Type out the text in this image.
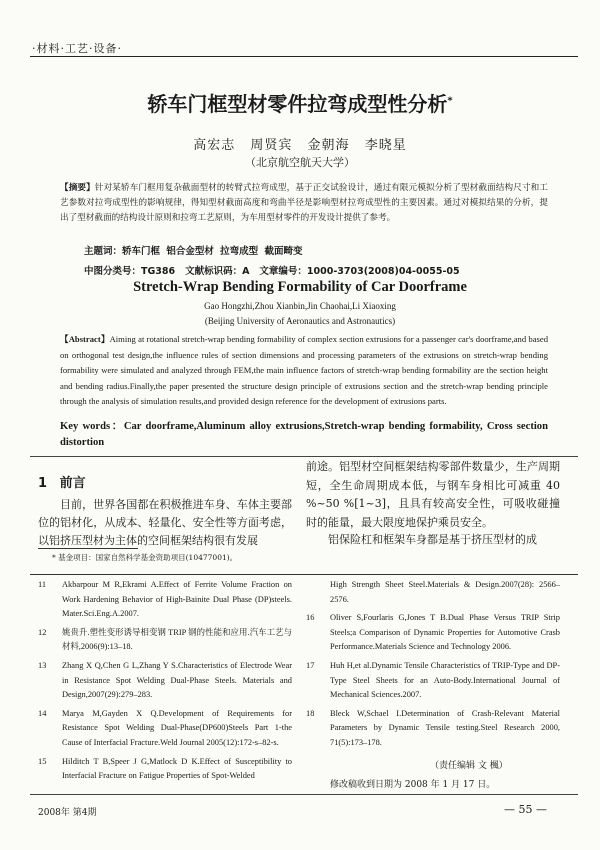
·材料·工艺·设备·
轿车门框型材零件拉弯成型性分析*
高宏志 周贤宾 金朝海 李晓星
（北京航空航天大学）
【摘要】针对某轿车门框用复杂截面型材的转臂式拉弯成型，基于正交试验设计，通过有限元模拟分析了型材截面结构尺寸和工艺参数对拉弯成型性的影响规律，得知型材截面高度和弯曲半径是影响型材拉弯成型性的主要因素。通过对模拟结果的分析，提出了型材截面的结构设计原则和拉弯工艺原则，为车用型材零件的开发设计提供了参考。
主题词：轿车门框 铝合金型材 拉弯成型 截面畸变
中图分类号：TG386 文献标识码：A 文章编号：1000-3703(2008)04-0055-05
Stretch-Wrap Bending Formability of Car Doorframe
Gao Hongzhi,Zhou Xianbin,Jin Chaohai,Li Xiaoxing
(Beijing University of Aeronautics and Astronautics)
【Abstract】Aiming at rotational stretch-wrap bending formability of complex section extrusions for a passenger car's doorframe,and based on orthogonal test design,the influence rules of section dimensions and processing parameters of the extrusions on stretch-wrap bending formability were simulated and analyzed through FEM,the main influence factors of stretch-wrap bending formability are the section height and bending radius.Finally,the paper presented the structure design principle of extrusions section and the stretch-wrap bending principle through the analysis of simulation results,and provided design reference for the development of extrusions parts.
Key words：Car doorframe,Aluminum alloy extrusions,Stretch-wrap bending formability, Cross section distortion
1 前言
目前，世界各国都在积极推进车身、车体主要部位的铝材化，从成本、轻量化、安全性等方面考虑，以铝挤压型材为主体的空间框架结构很有发展
前途。铝型材空间框架结构零部件数量少，生产周期短，全生命周期成本低，与钢车身相比可减重 40 %~50 %[1~3]，且具有较高安全性，可吸收碰撞时的能量，最大限度地保护乘员安全。
铝保险杠和框架车身都是基于挤压型材的成
* 基金项目：国家自然科学基金资助项目(10477001)。
11	Akbarpour M R,Ekrami A.Effect of Ferrite Volume Fraction on Work Hardening Behavior of High-Bainite Dual Phase (DP)steels. Mater.Sci.Eng.A.2007.
12	姚贵升.塑性变形诱导相变钢 TRIP 钢的性能和应用.汽车工艺与材料,2006(9):13–18.
13	Zhang X Q,Chen G L,Zhang Y S.Characteristics of Electrode Wear in Resistance Spot Welding Dual-Phase Steels. Materials and Design,2007(29):279–283.
14	Marya M,Gayden X Q.Development of Requirements for Resistance Spot Welding Dual-Phase(DP600)Steels Part 1-the Cause of Interfacial Fracture.Weld Journal 2005(12):172-s–82-s.
15	Hilditch T B,Speer J G,Matlock D K.Effect of Susceptibility to Interfacial Fracture on Fatigue Properties of Spot-Welded
High Strength Sheet Steel.Materials & Design.2007(28): 2566–2576.
16	Oliver S,Fourlaris G,Jones T B.Dual Phase Versus TRIP Strip Steels;a Comparison of Dynamic Properties for Automotive Crasb Performance.Materials Science and Technology 2006.
17	Huh H,et al.Dynamic Tensile Characteristics of TRIP-Type and DP-Type Steel Sheets for an Auto-Body.International Journal of Mechanical Sciences.2007.
18	Bleck W,Schael I.Determination of Crash-Relevant Material Parameters by Dynamic Tensile testing.Steel Research 2000, 71(5):173–178.
（责任编辑 文 楓）
修改稿收到日期为 2008 年 1 月 17 日。
2008年 第4期	— 55 —
